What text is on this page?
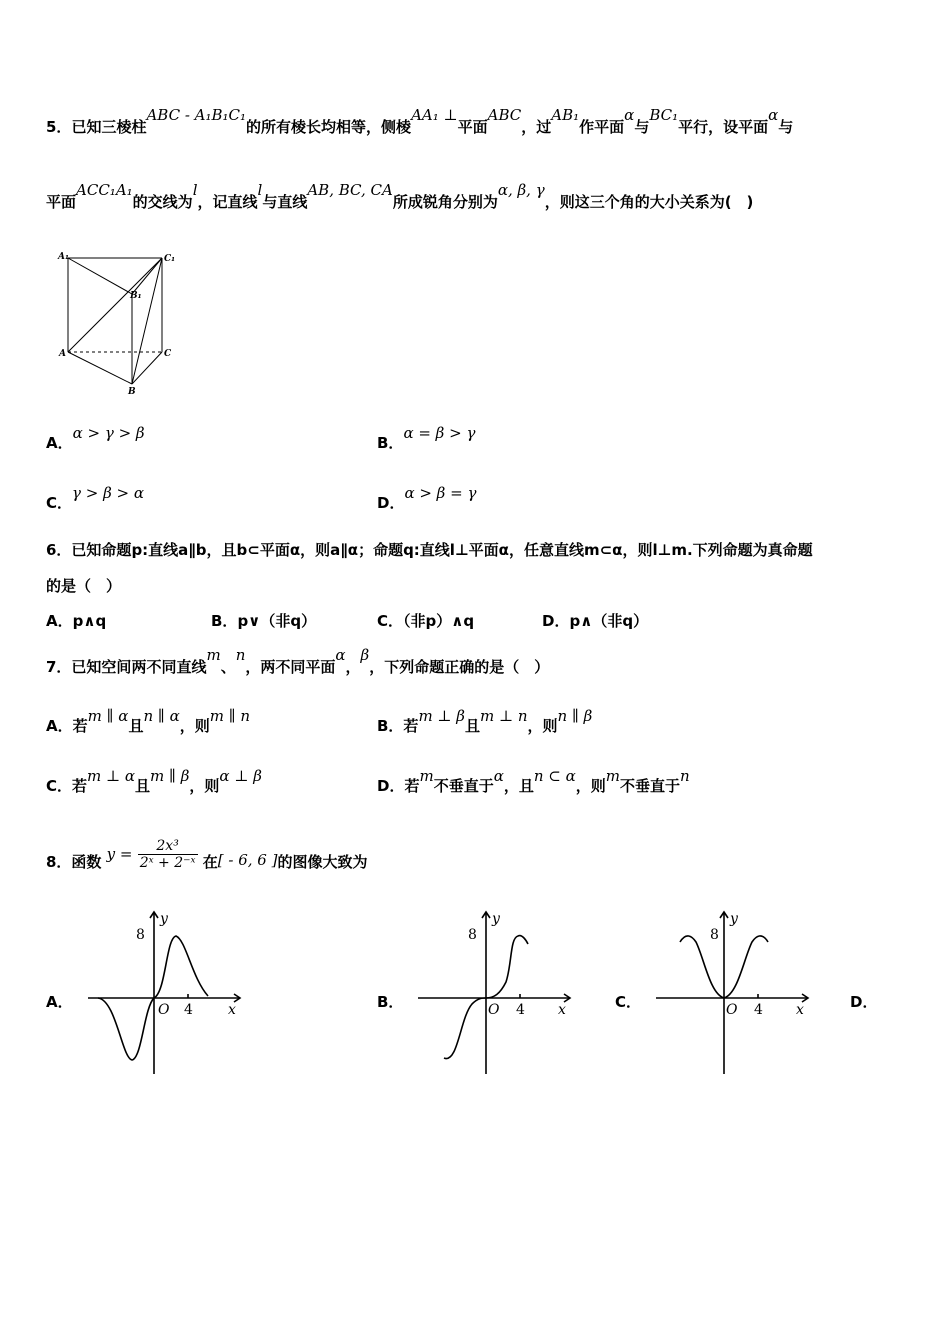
5．已知三棱柱ABC - A₁B₁C₁的所有棱长均相等，侧棱AA₁ ⊥平面ABC，过AB₁作平面α与BC₁平行，设平面α与
平面ACC₁A₁的交线为l，记直线l与直线AB, BC, CA所成锐角分别为α, β, γ，则这三个角的大小关系为(　)
A₁	C₁
B₁
A	C
B
A．α > γ > β
B．α = β > γ
C．γ > β > α
D．α > β = γ
6．已知命题p:直线a∥b，且b⊂平面α，则a∥α；命题q:直线l⊥平面α，任意直线m⊂α，则l⊥m.下列命题为真命题
的是（　）
A．p∧q	B．p∨（非q）	C．（非p）∧q	D．p∧（非q）
7．已知空间两不同直线m、n，两不同平面α，β，下列命题正确的是（　）
A．若m ∥ α且n ∥ α，则m ∥ n
B．若m ⊥ β且m ⊥ n，则n ∥ β
C．若m ⊥ α且m ∥ β，则α ⊥ β
D．若m不垂直于α，且n ⊂ α，则m不垂直于n
8．函数 $y = \frac{\text{2x³}}{\text{2ˣ + 2⁻ˣ}}$ 在[ - 6, 6 ]的图像大致为
A．
8
y
O 4	x	B．
8
y
O 4 x	C．
8
y
O 4 x	D．
